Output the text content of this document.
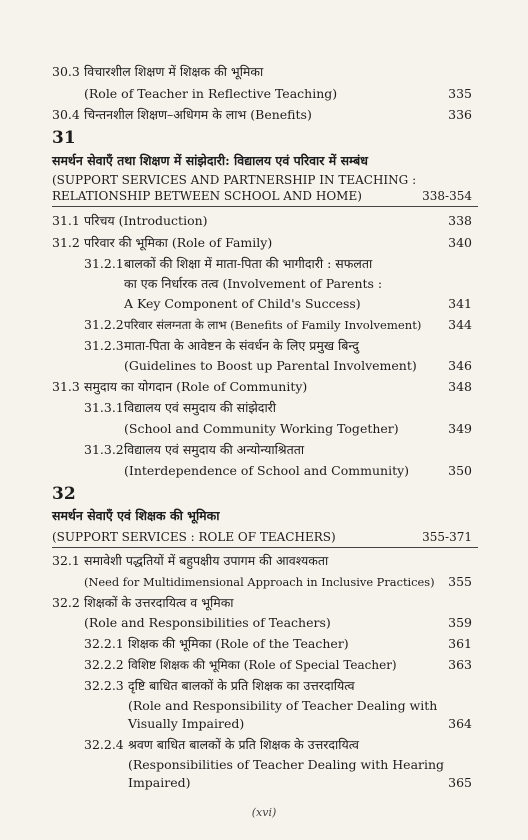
30.3 विचारशील शिक्षण में शिक्षक की भूमिका
(Role of Teacher in Reflective Teaching)	335
30.4 चिन्तनशील शिक्षण–अधिगम के लाभ (Benefits)	336
31
समर्थन सेवाएँ तथा शिक्षण में सांझेदारी: विद्यालय एवं परिवार में सम्बंध
(SUPPORT SERVICES AND PARTNERSHIP IN TEACHING :
RELATIONSHIP BETWEEN SCHOOL AND HOME)	338-354
31.1 परिचय (Introduction)	338
31.2 परिवार की भूमिका (Role of Family)	340
31.2.1 बालकों की शिक्षा में माता-पिता की भागीदारी : सफलता
का एक निर्धारक तत्व (Involvement of Parents :
A Key Component of Child's Success)	341
31.2.2 परिवार संलग्नता के लाभ (Benefits of Family Involvement) 344
31.2.3 माता-पिता के आवेष्टन के संवर्धन के लिए प्रमुख बिन्दु
(Guidelines to Boost up Parental Involvement)	346
31.3 समुदाय का योगदान (Role of Community)	348
31.3.1 विद्यालय एवं समुदाय की सांझेदारी
(School and Community Working Together)	349
31.3.2 विद्यालय एवं समुदाय की अन्योन्याश्रितता
(Interdependence of School and Community)	350
32
समर्थन सेवाएँ एवं शिक्षक की भूमिका
(SUPPORT SERVICES : ROLE OF TEACHERS)	355-371
32.1 समावेशी पद्धतियों में बहुपक्षीय उपागम की आवश्यकता
(Need for Multidimensional Approach in Inclusive Practices) 355
32.2 शिक्षकों के उत्तरदायित्व व भूमिका
(Role and Responsibilities of Teachers)	359
32.2.1 शिक्षक की भूमिका (Role of the Teacher)	361
32.2.2 विशिष्ट शिक्षक की भूमिका (Role of Special Teacher)	363
32.2.3 दृष्टि बाधित बालकों के प्रति शिक्षक का उत्तरदायित्व
(Role and Responsibility of Teacher Dealing with
Visually Impaired)	364
32.2.4 श्रवण बाधित बालकों के प्रति शिक्षक के उत्तरदायित्व
(Responsibilities of Teacher Dealing with Hearing
Impaired)	365
(xvi)
